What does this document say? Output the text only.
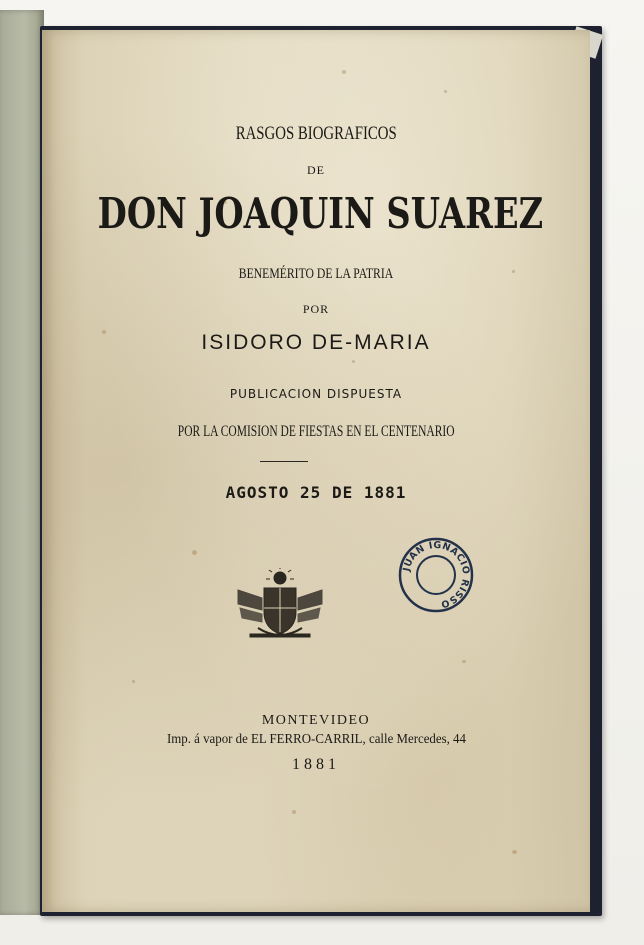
RASGOS BIOGRAFICOS
DE
DON JOAQUIN SUAREZ
BENEMÉRITO DE LA PATRIA
POR
ISIDORO DE-MARIA
PUBLICACION DISPUESTA
POR LA COMISION DE FIESTAS EN EL CENTENARIO
AGOSTO 25 DE 1881
JUAN IGNACIO RISSO
MONTEVIDEO
Imp. á vapor de EL FERRO-CARRIL, calle Mercedes, 44
1881
